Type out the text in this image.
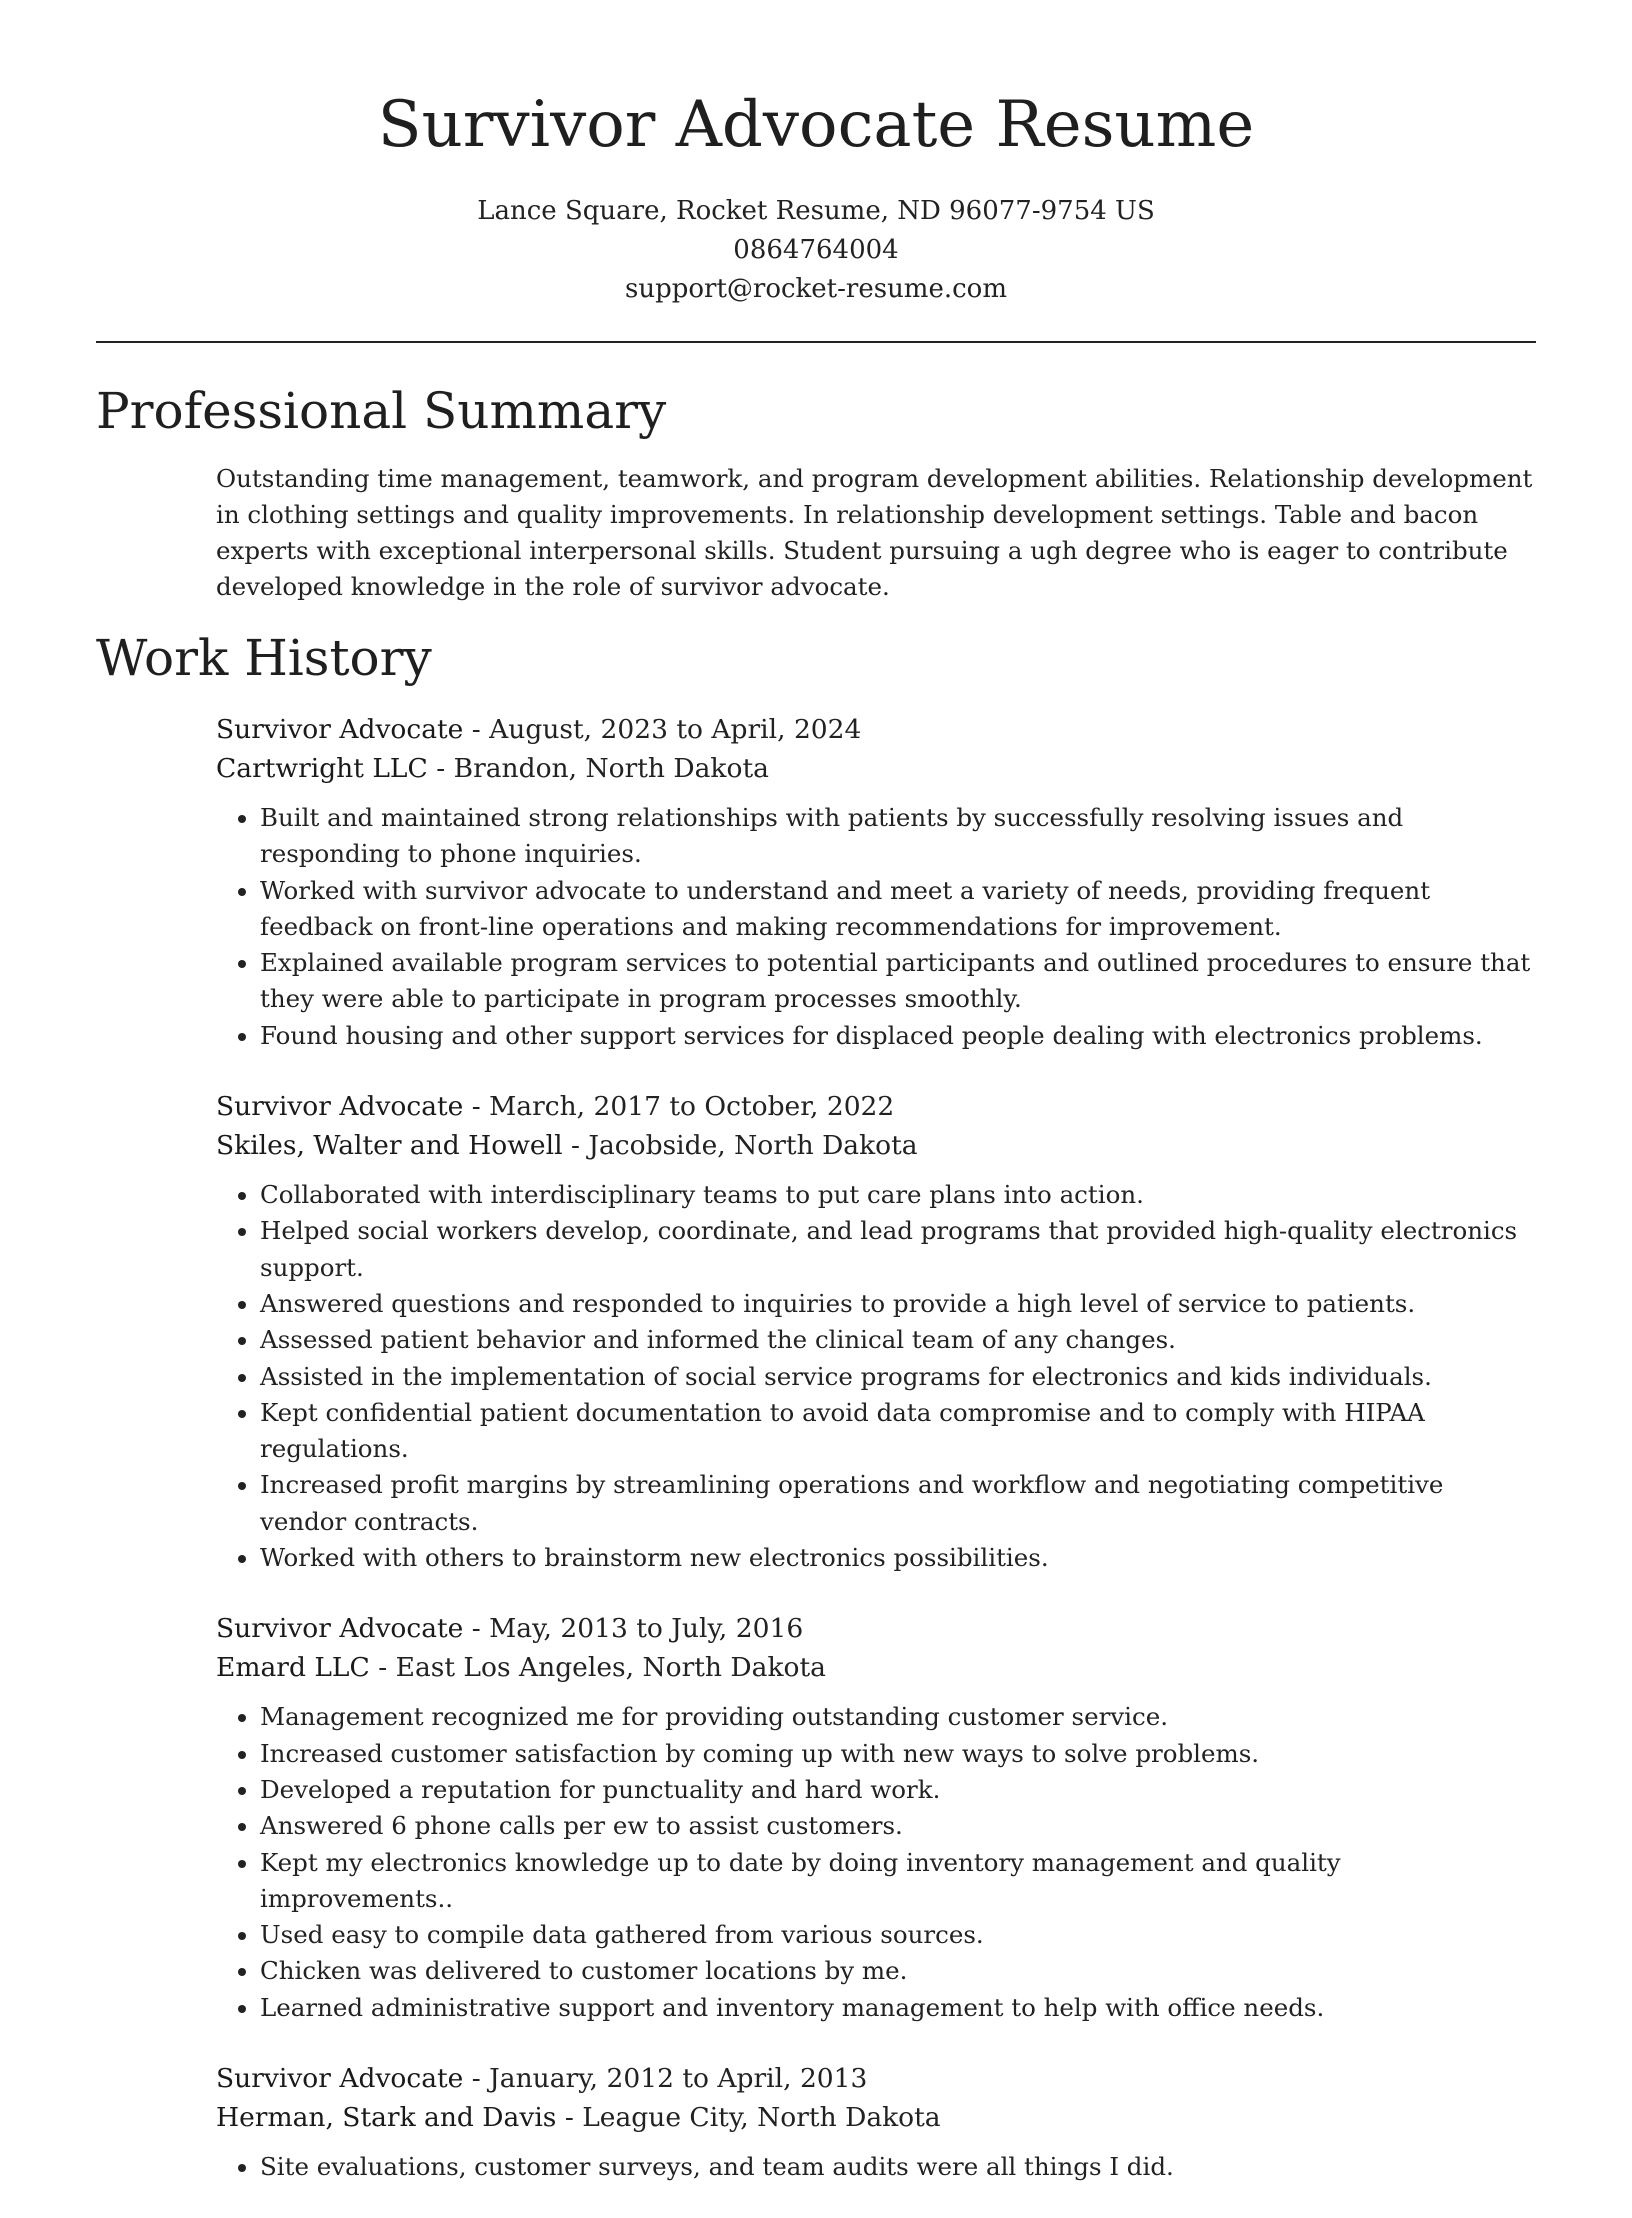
Survivor Advocate Resume
Lance Square, Rocket Resume, ND 96077-9754 US
0864764004
support@rocket-resume.com
Professional Summary

Outstanding time management, teamwork, and program development abilities. Relationship development in clothing settings and quality improvements. In relationship development settings. Table and bacon experts with exceptional interpersonal skills. Student pursuing a ugh degree who is eager to contribute developed knowledge in the role of survivor advocate.

Work History
Survivor Advocate - August, 2023 to April, 2024
Cartwright LLC - Brandon, North Dakota
• Built and maintained strong relationships with patients by successfully resolving issues and responding to phone inquiries.
• Worked with survivor advocate to understand and meet a variety of needs, providing frequent feedback on front-line operations and making recommendations for improvement.
• Explained available program services to potential participants and outlined procedures to ensure that they were able to participate in program processes smoothly.
• Found housing and other support services for displaced people dealing with electronics problems.
Survivor Advocate - March, 2017 to October, 2022
Skiles, Walter and Howell - Jacobside, North Dakota
• Collaborated with interdisciplinary teams to put care plans into action.
• Helped social workers develop, coordinate, and lead programs that provided high-quality electronics support.
• Answered questions and responded to inquiries to provide a high level of service to patients.
• Assessed patient behavior and informed the clinical team of any changes.
• Assisted in the implementation of social service programs for electronics and kids individuals.
• Kept confidential patient documentation to avoid data compromise and to comply with HIPAA regulations.
• Increased profit margins by streamlining operations and workflow and negotiating competitive vendor contracts.
• Worked with others to brainstorm new electronics possibilities.
Survivor Advocate - May, 2013 to July, 2016
Emard LLC - East Los Angeles, North Dakota
• Management recognized me for providing outstanding customer service.
• Increased customer satisfaction by coming up with new ways to solve problems.
• Developed a reputation for punctuality and hard work.
• Answered 6 phone calls per ew to assist customers.
• Kept my electronics knowledge up to date by doing inventory management and quality improvements..
• Used easy to compile data gathered from various sources.
• Chicken was delivered to customer locations by me.
• Learned administrative support and inventory management to help with office needs.
Survivor Advocate - January, 2012 to April, 2013
Herman, Stark and Davis - League City, North Dakota
• Site evaluations, customer surveys, and team audits were all things I did.
